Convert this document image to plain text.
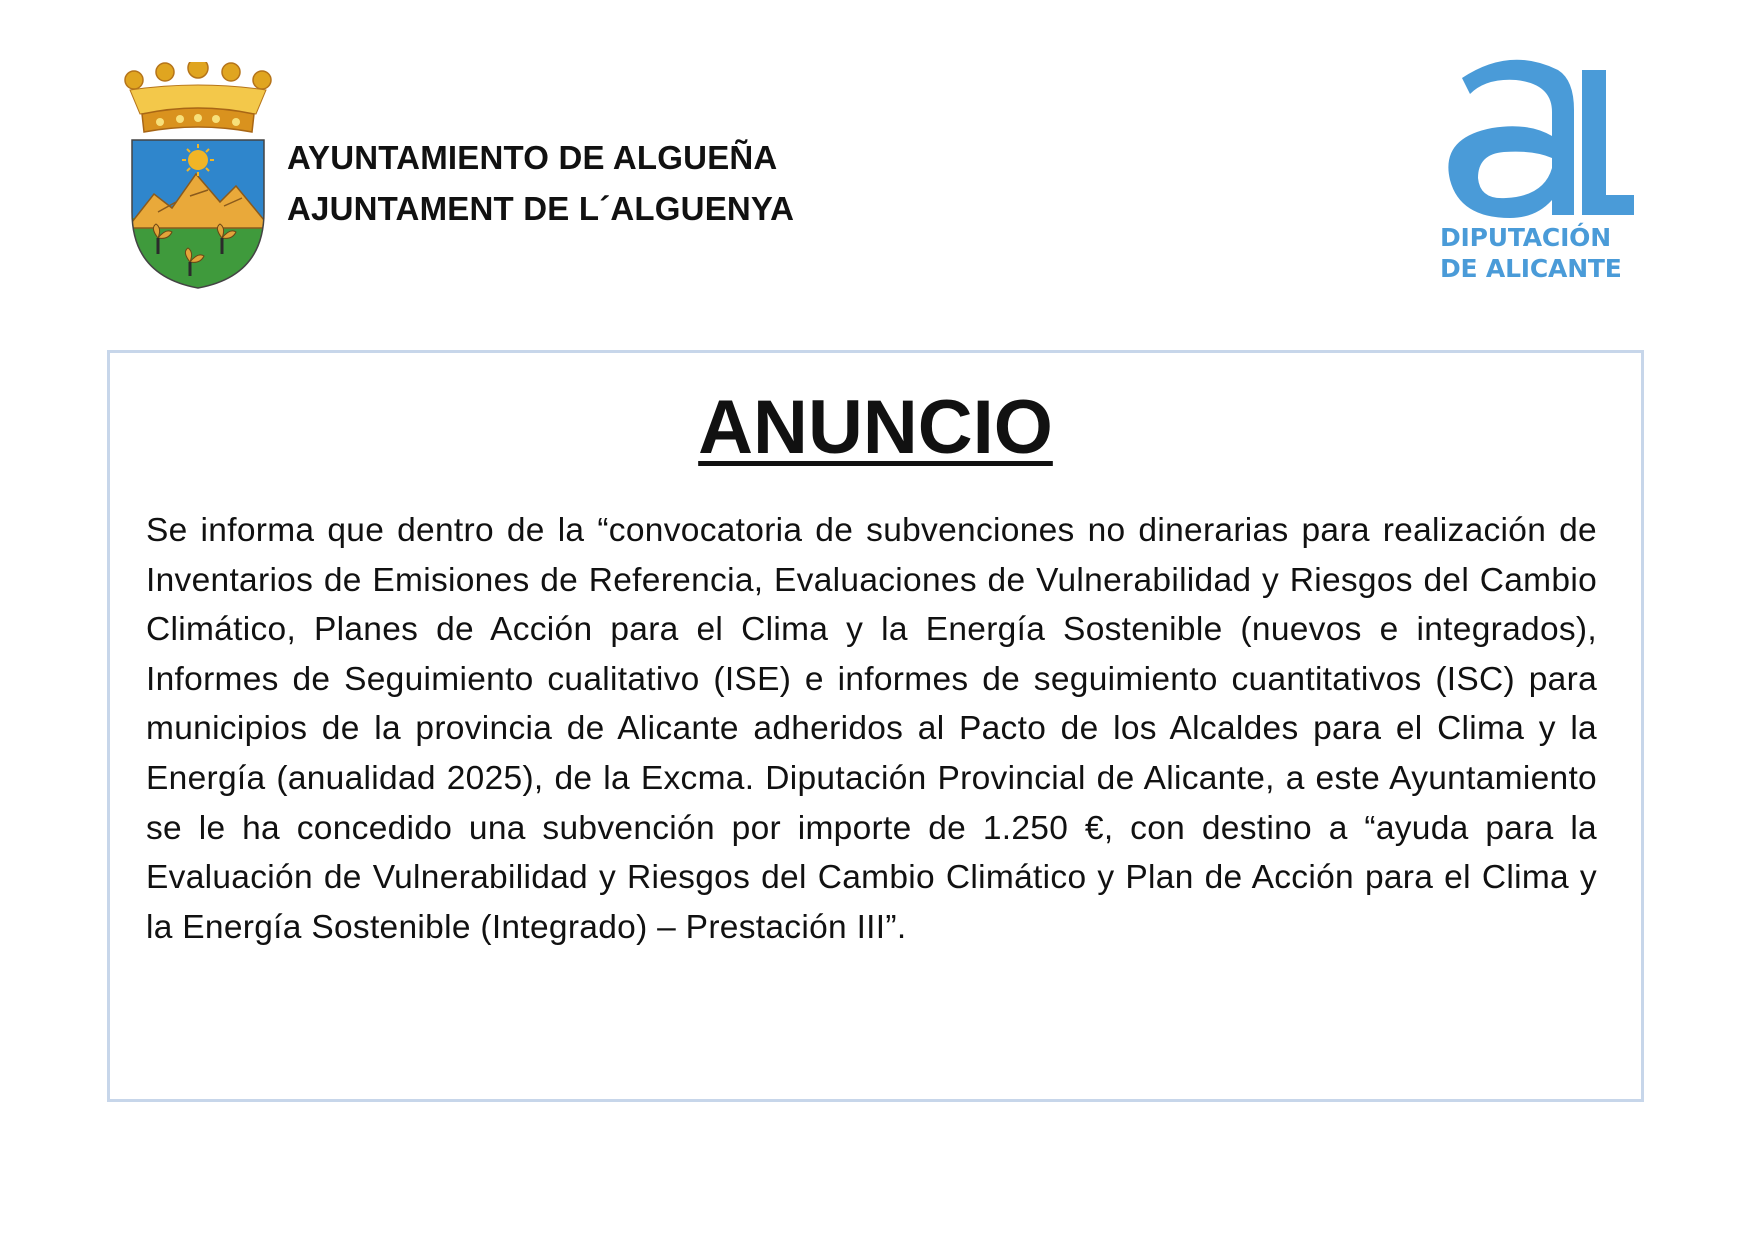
AYUNTAMIENTO DE ALGUEÑA
AJUNTAMENT DE L´ALGUENYA
DIPUTACIÓN
DE ALICANTE
ANUNCIO
Se informa que dentro de la “convocatoria de subvenciones no dinerarias para realización de Inventarios de Emisiones de Referencia, Evaluaciones de Vulnerabilidad y Riesgos del Cambio Climático, Planes de Acción para el Clima y la Energía Sostenible (nuevos e integrados), Informes de Seguimiento cualitativo (ISE) e informes de seguimiento cuantitativos (ISC) para municipios de la provincia de Alicante adheridos al Pacto de los Alcaldes para el Clima y la Energía (anualidad 2025), de la Excma. Diputación Provincial de Alicante, a este Ayuntamiento se le ha concedido una subvención por importe de 1.250 €, con destino a “ayuda para la Evaluación de Vulnerabilidad y Riesgos del Cambio Climático y Plan de Acción para el Clima y la Energía Sostenible (Integrado) – Prestación III”.
